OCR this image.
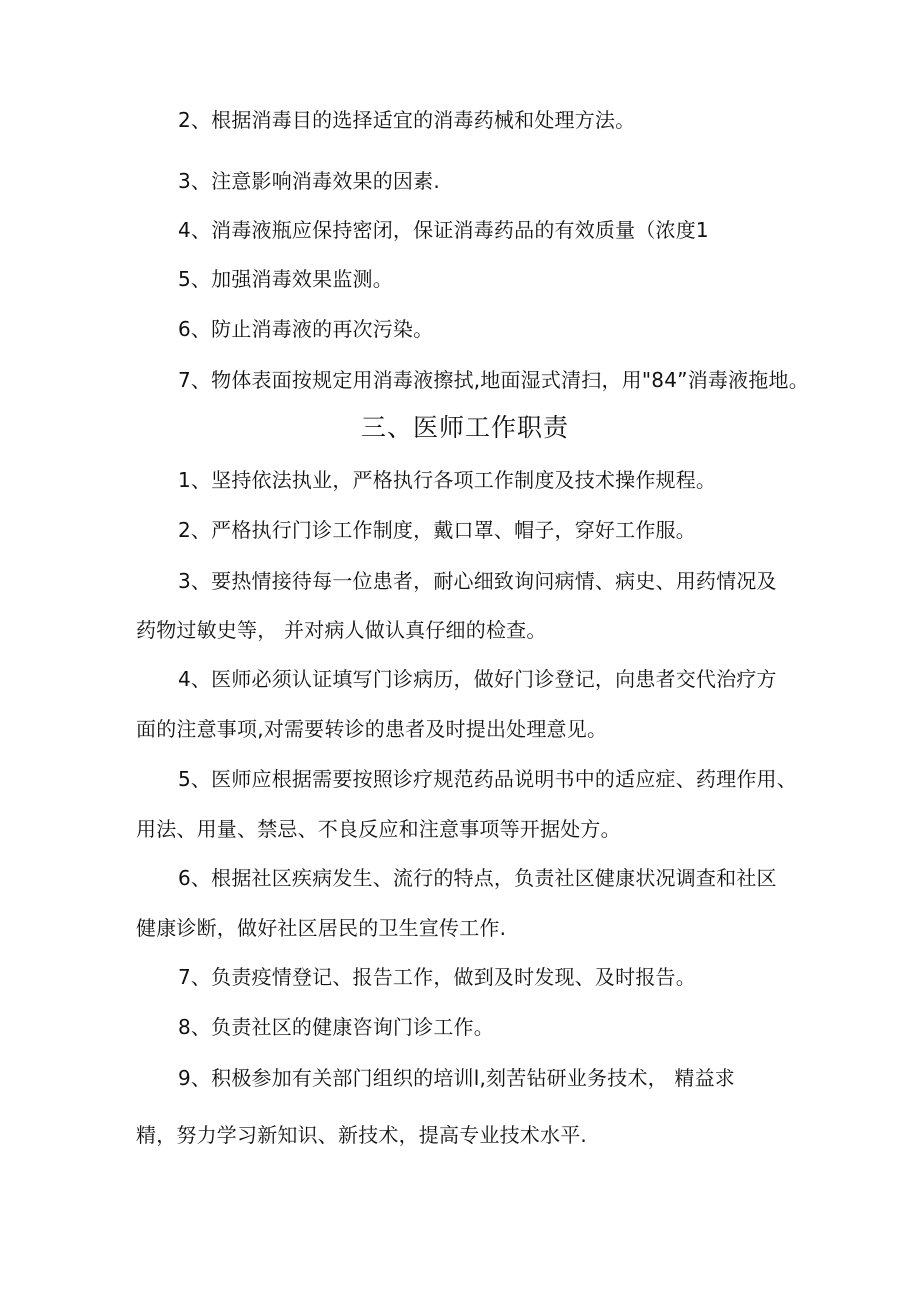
2、根据消毒目的选择适宜的消毒药械和处理方法。
3、注意影响消毒效果的因素.
4、消毒液瓶应保持密闭，保证消毒药品的有效质量（浓度1
5、加强消毒效果监测。
6、防止消毒液的再次污染。
7、物体表面按规定用消毒液擦拭,地面湿式清扫，用"84”消毒液拖地。
三、医师工作职责
1、坚持依法执业，严格执行各项工作制度及技术操作规程。
2、严格执行门诊工作制度，戴口罩、帽子，穿好工作服。
3、要热情接待每一位患者，耐心细致询问病情、病史、用药情况及
药物过敏史等， 并对病人做认真仔细的检查。
4、医师必须认证填写门诊病历，做好门诊登记，向患者交代治疗方
面的注意事项,对需要转诊的患者及时提出处理意见。
5、医师应根据需要按照诊疗规范药品说明书中的适应症、药理作用、
用法、用量、禁忌、不良反应和注意事项等开据处方。
6、根据社区疾病发生、流行的特点，负责社区健康状况调查和社区
健康诊断，做好社区居民的卫生宣传工作.
7、负责疫情登记、报告工作，做到及时发现、及时报告。
8、负责社区的健康咨询门诊工作。
9、积极参加有关部门组织的培训l,刻苦钻研业务技术， 精益求
精，努力学习新知识、新技术，提高专业技术水平.
